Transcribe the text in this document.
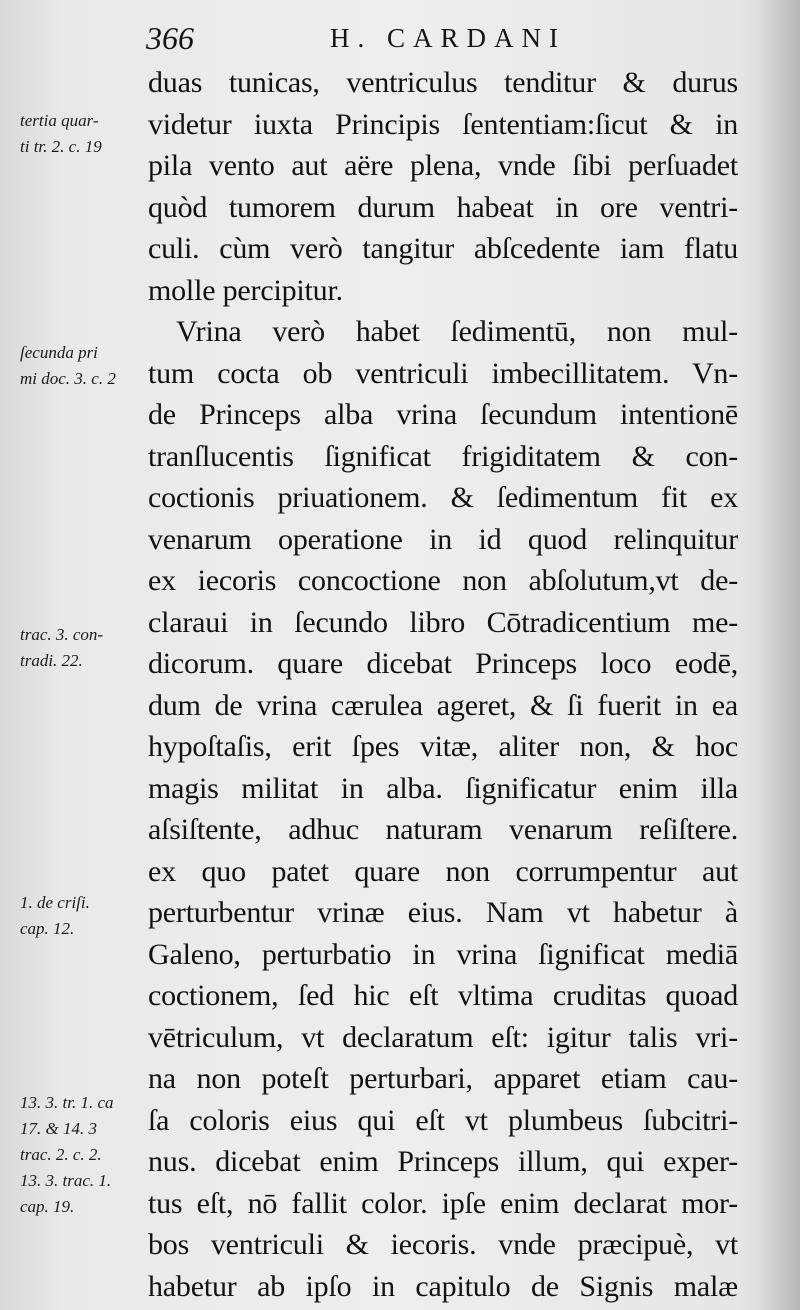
366	H. CARDANI
tertia quar-
ti tr. 2. c. 19
ſecunda pri
mi doc. 3. c. 2
trac. 3. con-
tradi. 22.
1. de criſi.
cap. 12.
13. 3. tr. 1. ca
17. & 14. 3
trac. 2. c. 2.
13. 3. trac. 1.
cap. 19.
duas tunicas, ventriculus tenditur & durus
videtur iuxta Principis ſententiam:ſicut & in
pila vento aut aëre plena, vnde ſibi perſuadet
quòd tumorem durum habeat in ore ventri-
culi. cùm verò tangitur abſcedente iam flatu
molle percipitur.
Vrina verò habet ſedimentū, non mul-
tum cocta ob ventriculi imbecillitatem. Vn-
de Princeps alba vrina ſecundum intentionē
tranſlucentis ſignificat frigiditatem & con-
coctionis priuationem. & ſedimentum fit ex
venarum operatione in id quod relinquitur
ex iecoris concoctione non abſolutum,vt de-
claraui in ſecundo libro Cōtradicentium me-
dicorum. quare dicebat Princeps loco eodē,
dum de vrina cærulea ageret, & ſi fuerit in ea
hypoſtaſis, erit ſpes vitæ, aliter non, & hoc
magis militat in alba. ſignificatur enim illa
aſsiſtente, adhuc naturam venarum reſiſtere.
ex quo patet quare non corrumpentur aut
perturbentur vrinæ eius. Nam vt habetur à
Galeno, perturbatio in vrina ſignificat mediā
coctionem, ſed hic eſt vltima cruditas quoad
vētriculum, vt declaratum eſt: igitur talis vri-
na non poteſt perturbari, apparet etiam cau-
ſa coloris eius qui eſt vt plumbeus ſubcitri-
nus. dicebat enim Princeps illum, qui exper-
tus eſt, nō fallit color. ipſe enim declarat mor-
bos ventriculi & iecoris. vnde præcipuè, vt
habetur ab ipſo in capitulo de Signis malæ
